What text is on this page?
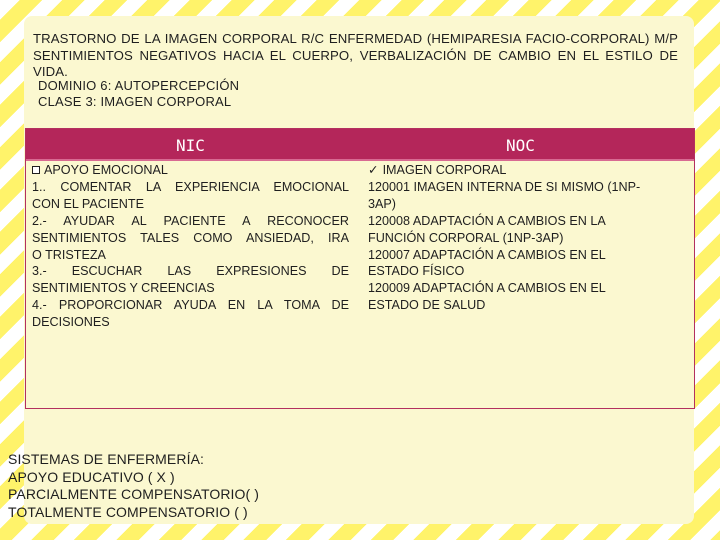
TRASTORNO DE LA IMAGEN CORPORAL R/C ENFERMEDAD (HEMIPARESIA FACIO-CORPORAL) M/P SENTIMIENTOS NEGATIVOS HACIA EL CUERPO, VERBALIZACIÓN DE CAMBIO EN EL ESTILO DE VIDA.
DOMINIO 6: AUTOPERCEPCIÓN
CLASE 3: IMAGEN CORPORAL
NIC	NOC
APOYO EMOCIONAL
1.. COMENTAR LA EXPERIENCIA EMOCIONAL
CON EL PACIENTE
2.- AYUDAR AL PACIENTE A RECONOCER
SENTIMIENTOS TALES COMO ANSIEDAD, IRA
O TRISTEZA
3.- ESCUCHAR LAS EXPRESIONES DE
SENTIMIENTOS Y CREENCIAS
4.- PROPORCIONAR AYUDA EN LA TOMA DE
DECISIONES
✓ IMAGEN CORPORAL
120001 IMAGEN INTERNA DE SI MISMO (1NP-
3AP)
120008 ADAPTACIÓN A CAMBIOS EN LA
FUNCIÓN CORPORAL (1NP-3AP)
120007 ADAPTACIÓN A CAMBIOS EN EL
ESTADO FÍSICO
120009 ADAPTACIÓN A CAMBIOS EN EL
ESTADO DE SALUD
SISTEMAS DE ENFERMERÍA:
APOYO EDUCATIVO ( X )
PARCIALMENTE COMPENSATORIO( )
TOTALMENTE COMPENSATORIO ( )
